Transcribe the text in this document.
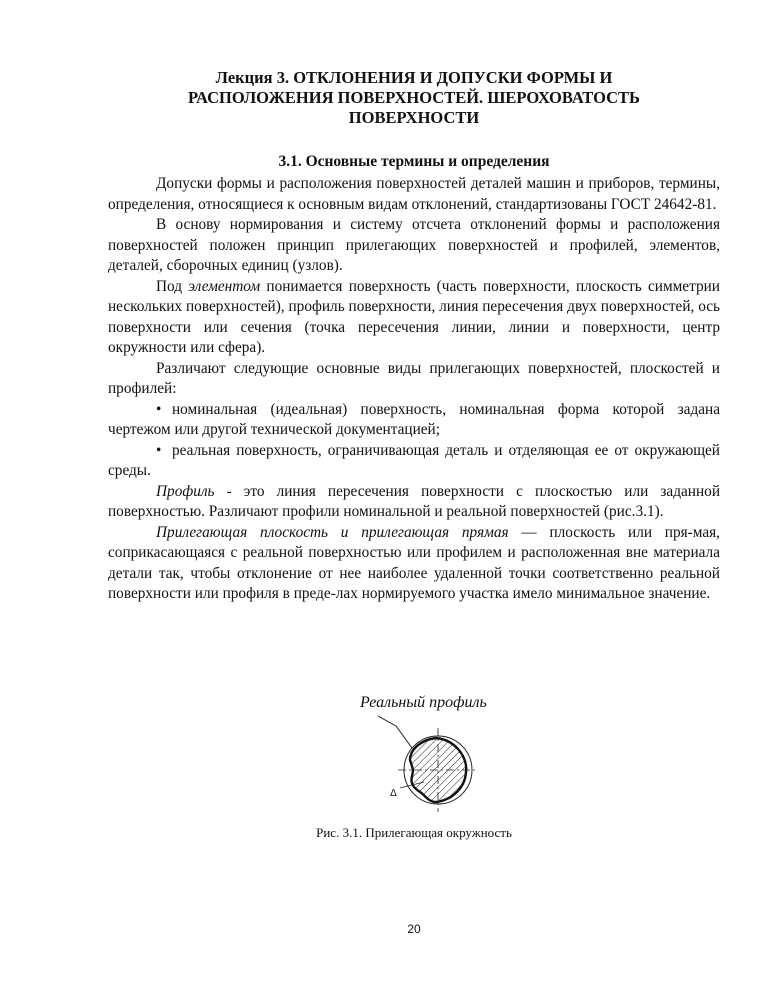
Лекция 3. ОТКЛОНЕНИЯ И ДОПУСКИ ФОРМЫ И
РАСПОЛОЖЕНИЯ ПОВЕРХНОСТЕЙ. ШЕРОХОВАТОСТЬ
ПОВЕРХНОСТИ
3.1. Основные термины и определения

Допуски формы и расположения поверхностей деталей машин и приборов, термины, определения, относящиеся к основным видам отклонений, стандартизованы ГОСТ 24642-81.

В основу нормирования и систему отсчета отклонений формы и расположения поверхностей положен принцип прилегающих поверхностей и профилей, элементов, деталей, сборочных единиц (узлов).

Под элементом понимается поверхность (часть поверхности, плоскость симметрии нескольких поверхностей), профиль поверхности, линия пересечения двух поверхностей, ось поверхности или сечения (точка пересечения линии, линии и поверхности, центр окружности или сфера).

Различают следующие основные виды прилегающих поверхностей, плоскостей и профилей:

• номинальная (идеальная) поверхность, номинальная форма которой задана чертежом или другой технической документацией;

• реальная поверхность, ограничивающая деталь и отделяющая ее от окружающей среды.

Профиль - это линия пересечения поверхности с плоскостью или заданной поверхностью. Различают профили номинальной и реальной поверхностей (рис.3.1).

Прилегающая плоскость и прилегающая прямая — плоскость или пря-мая, соприкасающаяся с реальной поверхностью или профилем и расположенная вне материала детали так, чтобы отклонение от нее наиболее удаленной точки соответственно реальной поверхности или профиля в преде-лах нормируемого участка имело минимальное значение.

Реальный профиль
Δ
Рис. 3.1. Прилегающая окружность
20
